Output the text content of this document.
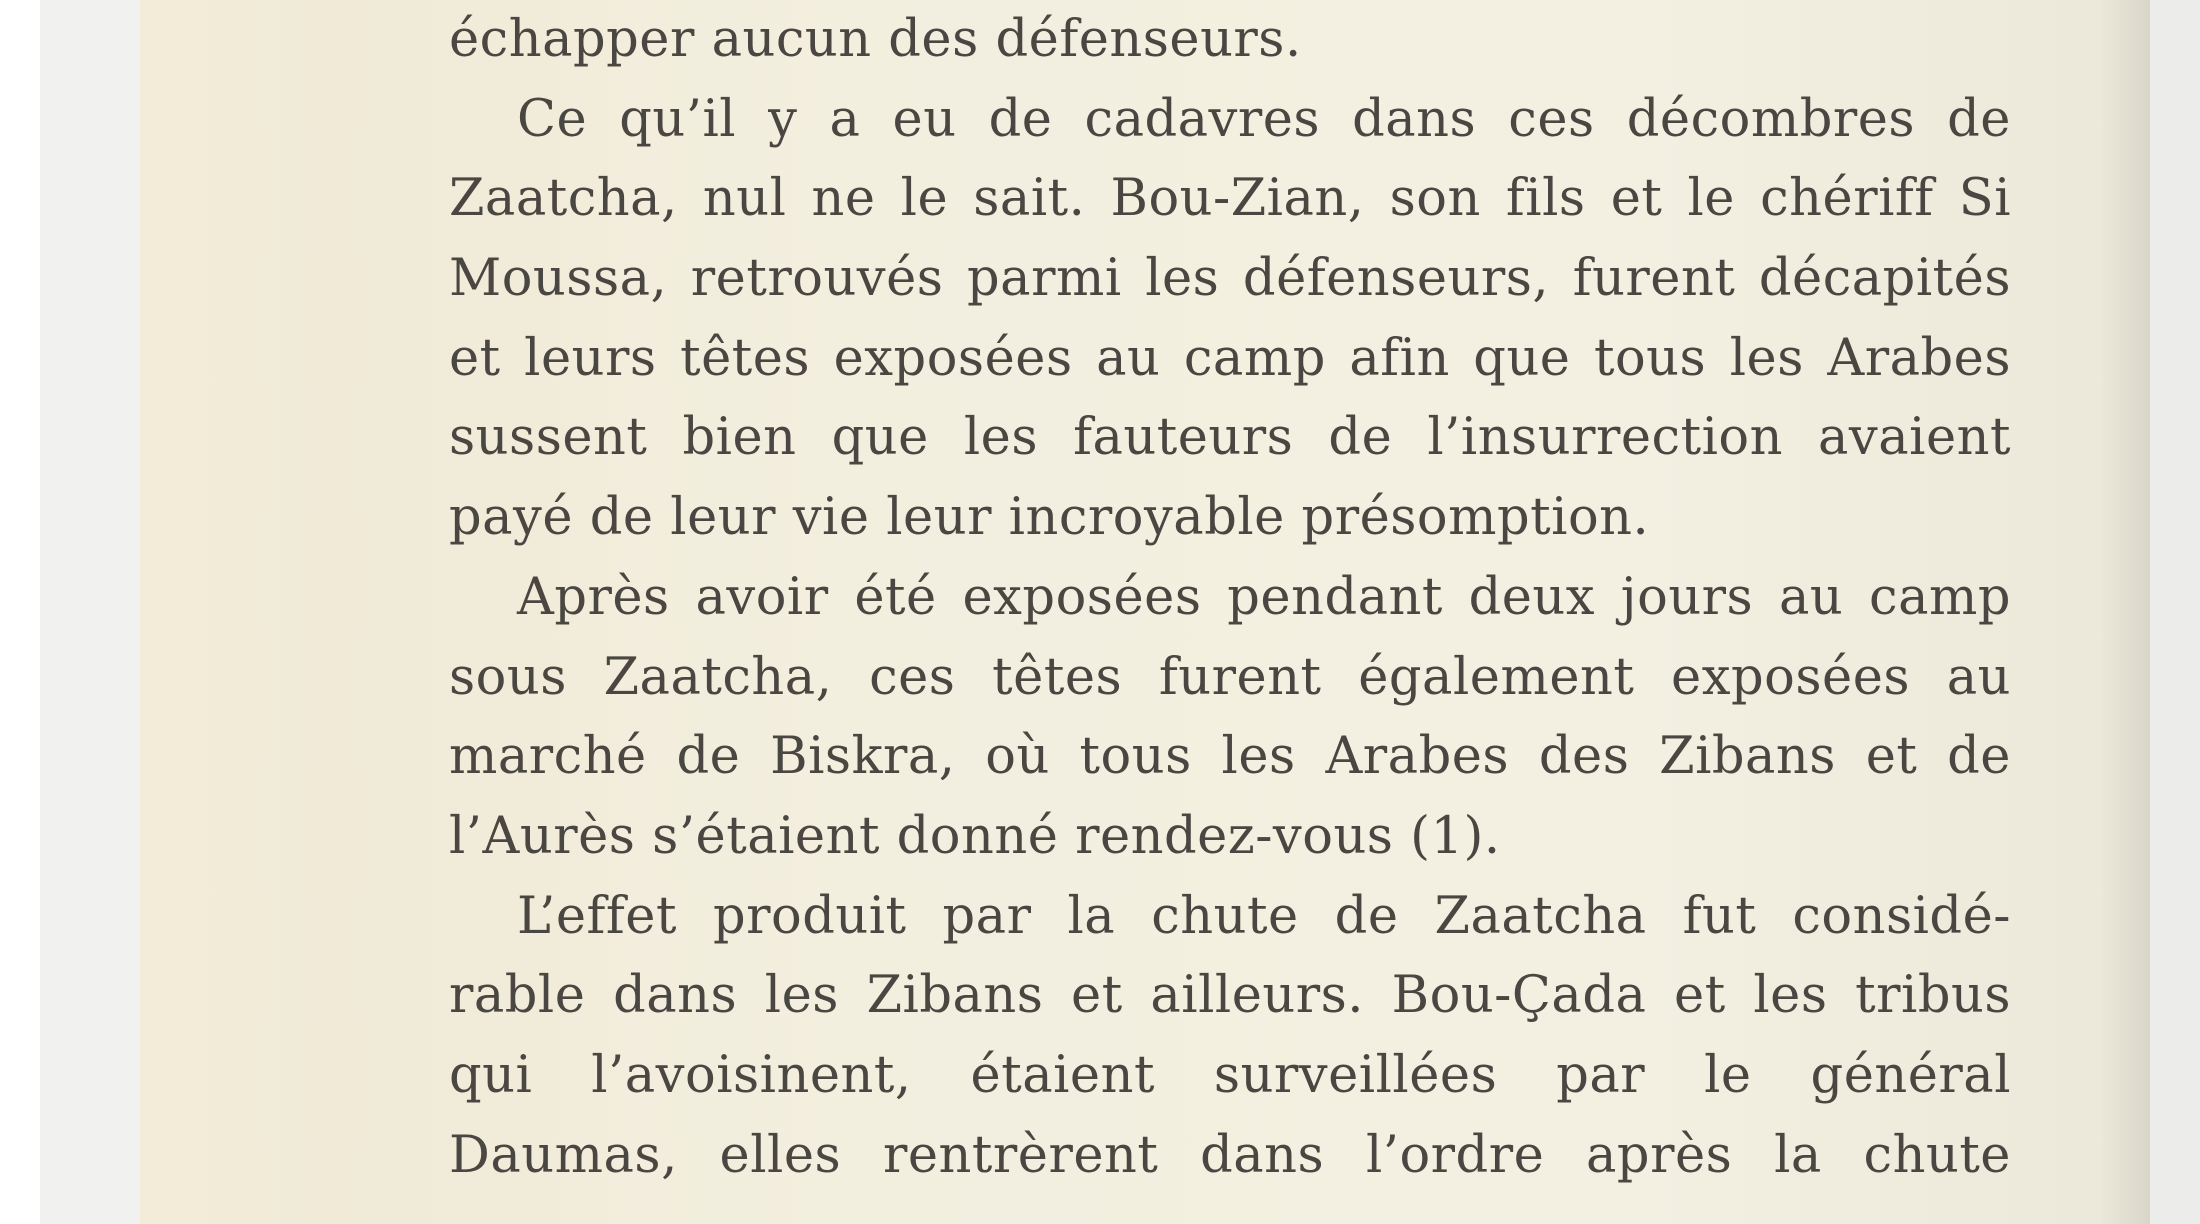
échapper aucun des défenseurs.
Ce qu’il y a eu de cadavres dans ces décombres de
Zaatcha, nul ne le sait. Bou-Zian, son fils et le chériff Si
Moussa, retrouvés parmi les défenseurs, furent décapités
et leurs têtes exposées au camp afin que tous les Arabes
sussent bien que les fauteurs de l’insurrection avaient
payé de leur vie leur incroyable présomption.
Après avoir été exposées pendant deux jours au camp
sous Zaatcha, ces têtes furent également exposées au
marché de Biskra, où tous les Arabes des Zibans et de
l’Aurès s’étaient donné rendez-vous (1).
L’effet produit par la chute de Zaatcha fut considé-
rable dans les Zibans et ailleurs. Bou-Çada et les tribus
qui l’avoisinent, étaient surveillées par le général
Daumas, elles rentrèrent dans l’ordre après la chute
